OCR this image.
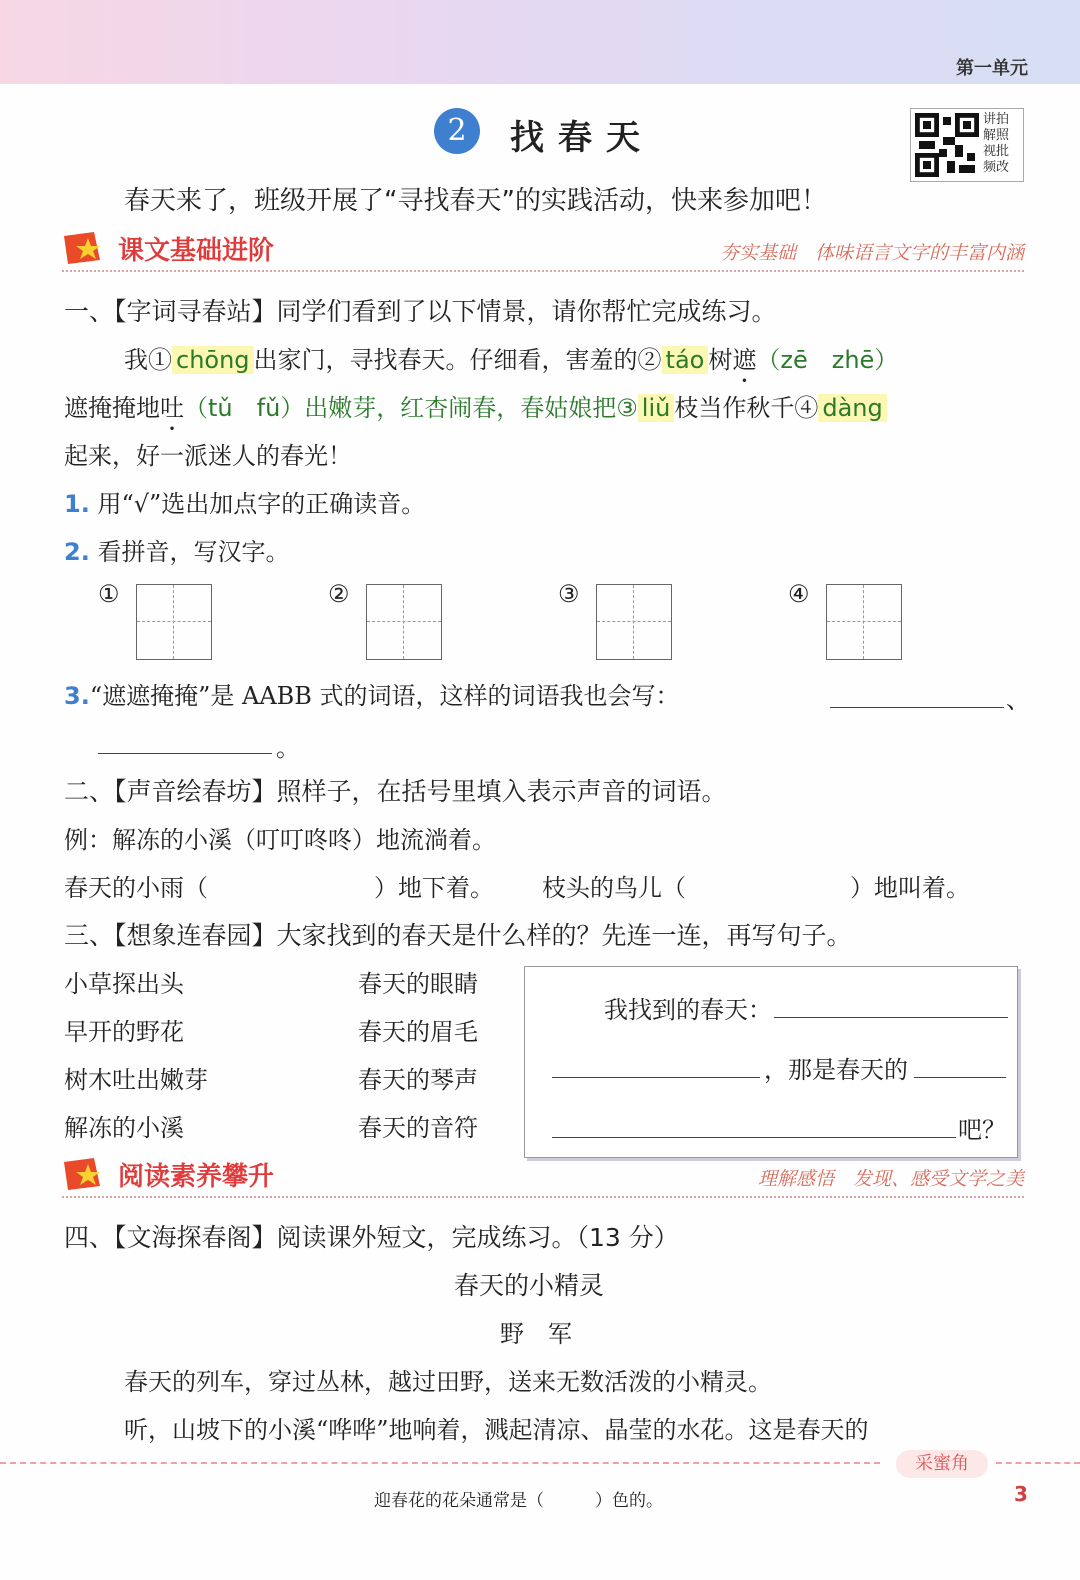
第一单元
2	找春天	讲拍解照视批频改
春天来了，班级开展了“寻找春天”的实践活动，快来参加吧！
课文基础进阶	夯实基础　体味语言文字的丰富内涵
一、【字词寻春站】同学们看到了以下情景，请你帮忙完成练习。
我① chōng 出家门，寻找春天。仔细看，害羞的② táo 树遮（zē　zhē）
遮掩掩地吐（tǔ　fǔ）出嫩芽，红杏闹春，春姑娘把③ liǔ 枝当作秋千④ dàng
起来，好一派迷人的春光！
1. 用“√”选出加点字的正确读音。
2. 看拼音，写汉字。
①	②	③	④
3.“遮遮掩掩”是 AABB 式的词语，这样的词语我也会写：	、
。
二、【声音绘春坊】照样子，在括号里填入表示声音的词语。
例：解冻的小溪（叮叮咚咚）地流淌着。
春天的小雨（	）地下着。 枝头的鸟儿（	）地叫着。
三、【想象连春园】大家找到的春天是什么样的？先连一连，再写句子。
小草探出头
早开的野花
树木吐出嫩芽
解冻的小溪
春天的眼睛
春天的眉毛
春天的琴声
春天的音符
我找到的春天：
，那是春天的
吧？
阅读素养攀升	理解感悟　发现、感受文学之美
四、【文海探春阁】阅读课外短文，完成练习。（13 分）
春天的小精灵
野　军
春天的列车，穿过丛林，越过田野，送来无数活泼的小精灵。
听，山坡下的小溪“哗哗”地响着，溅起清凉、晶莹的水花。这是春天的
采蜜角
迎春花的花朵通常是（　　　）色的。	3
